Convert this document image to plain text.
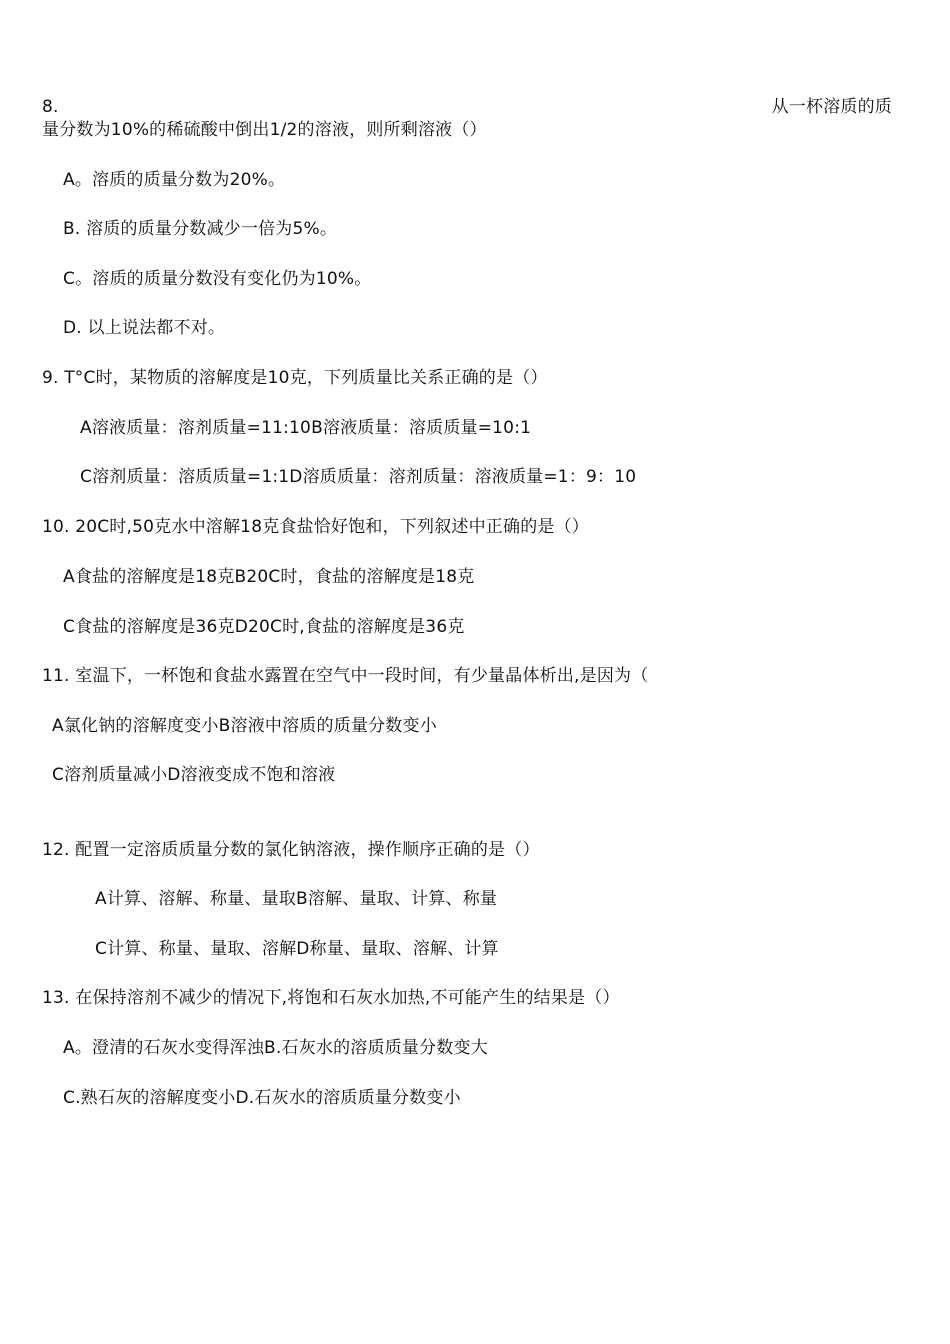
8.	从一杯溶质的质
量分数为10%的稀硫酸中倒出1/2的溶液，则所剩溶液（）
A。溶质的质量分数为20%。
B. 溶质的质量分数减少一倍为5%。
C。溶质的质量分数没有变化仍为10%。
D. 以上说法都不对。
9. T°C时，某物质的溶解度是10克，下列质量比关系正确的是（）
A溶液质量：溶剂质量=11:10B溶液质量：溶质质量=10:1
C溶剂质量：溶质质量=1:1D溶质质量：溶剂质量：溶液质量=1：9：10
10. 20C时,50克水中溶解18克食盐恰好饱和，下列叙述中正确的是（）
A食盐的溶解度是18克B20C时，食盐的溶解度是18克
C食盐的溶解度是36克D20C时,食盐的溶解度是36克
11. 室温下，一杯饱和食盐水露置在空气中一段时间，有少量晶体析出,是因为（
A氯化钠的溶解度变小B溶液中溶质的质量分数变小
C溶剂质量减小D溶液变成不饱和溶液
12. 配置一定溶质质量分数的氯化钠溶液，操作顺序正确的是（）
A计算、溶解、称量、量取B溶解、量取、计算、称量
C计算、称量、量取、溶解D称量、量取、溶解、计算
13. 在保持溶剂不减少的情况下,将饱和石灰水加热,不可能产生的结果是（）
A。澄清的石灰水变得浑浊B.石灰水的溶质质量分数变大
C.熟石灰的溶解度变小D.石灰水的溶质质量分数变小
